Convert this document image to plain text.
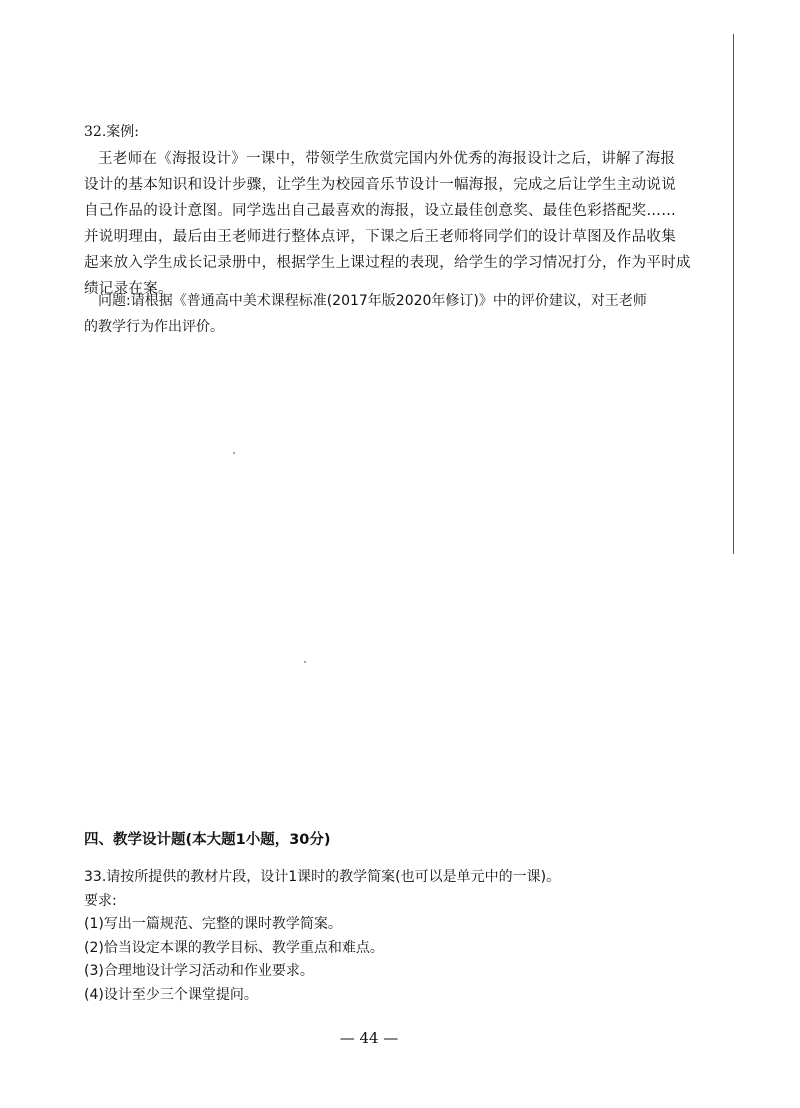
32.案例:

王老师在《海报设计》一课中，带领学生欣赏完国内外优秀的海报设计之后，讲解了海报

设计的基本知识和设计步骤，让学生为校园音乐节设计一幅海报，完成之后让学生主动说说

自己作品的设计意图。同学选出自己最喜欢的海报，设立最佳创意奖、最佳色彩搭配奖……

并说明理由，最后由王老师进行整体点评，下课之后王老师将同学们的设计草图及作品收集

起来放入学生成长记录册中，根据学生上课过程的表现，给学生的学习情况打分，作为平时成

绩记录在案。

问题:请根据《普通高中美术课程标准(2017年版2020年修订)》中的评价建议，对王老师

的教学行为作出评价。

四、教学设计题(本大题1小题，30分)

33.请按所提供的教材片段，设计1课时的教学简案(也可以是单元中的一课)。

要求:

(1)写出一篇规范、完整的课时教学简案。

(2)恰当设定本课的教学目标、教学重点和难点。

(3)合理地设计学习活动和作业要求。

(4)设计至少三个课堂提问。

— 44 —
